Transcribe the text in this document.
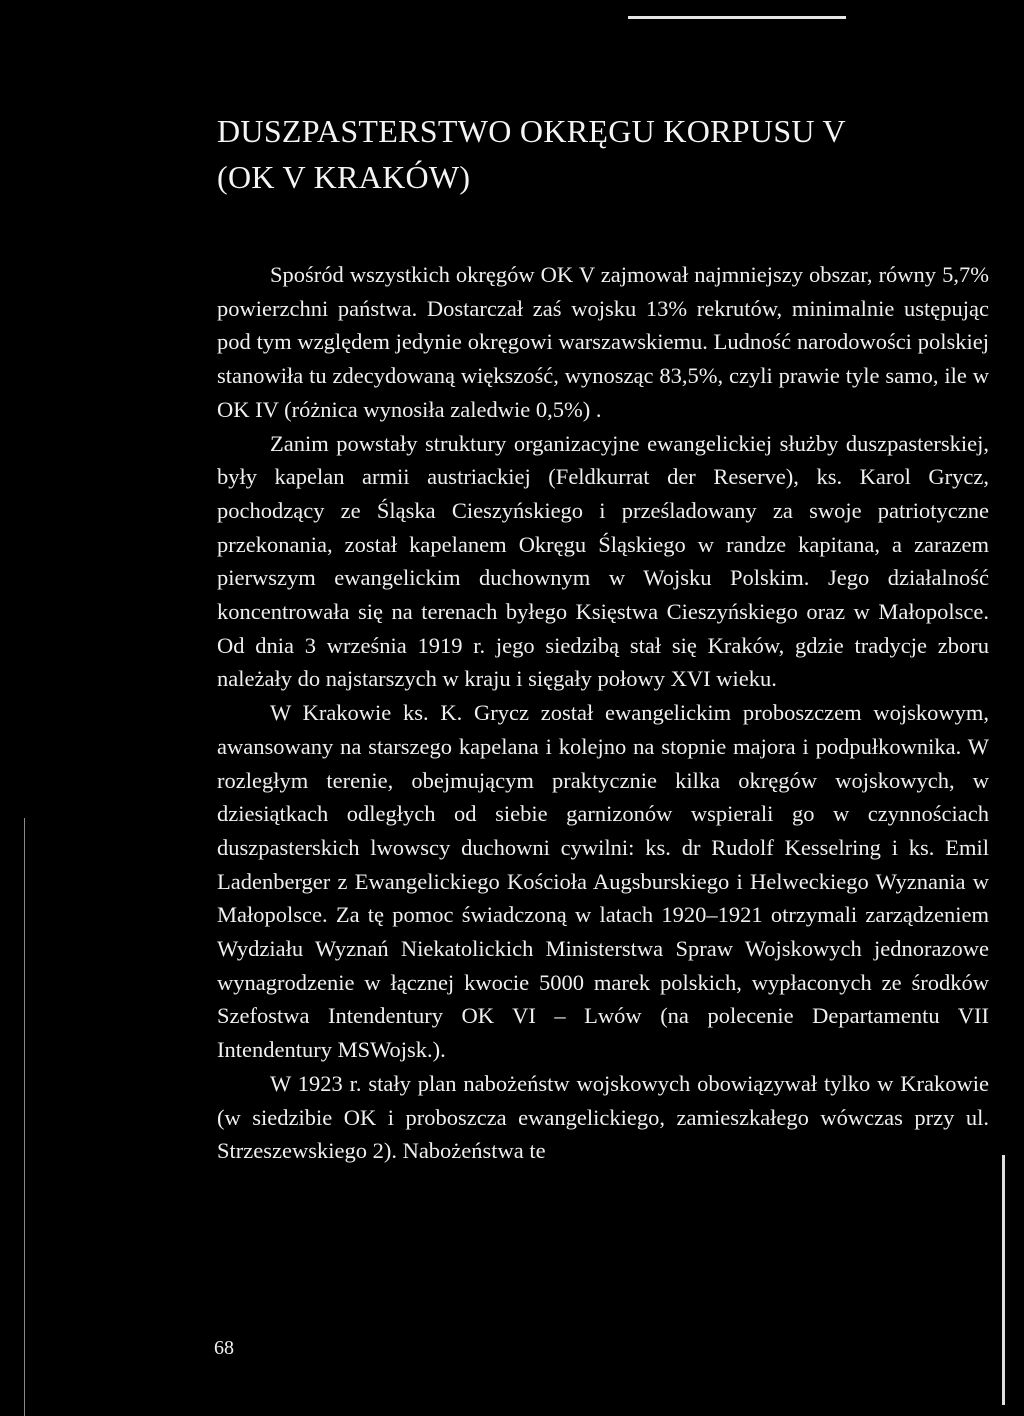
DUSZPASTERSTWO OKRĘGU KORPUSU V
(OK V KRAKÓW)

Spośród wszystkich okręgów OK V zajmował najmniejszy obszar, równy 5,7% powierzchni państwa. Dostarczał zaś wojsku 13% rekrutów, minimalnie ustępując pod tym względem jedynie okręgowi warszawskiemu. Ludność narodowości polskiej stanowiła tu zdecydowaną większość, wynosząc 83,5%, czyli prawie tyle samo, ile w OK IV (różnica wynosiła zaledwie 0,5%) .

Zanim powstały struktury organizacyjne ewangelickiej służby duszpasterskiej, były kapelan armii austriackiej (Feldkurrat der Reserve), ks. Karol Grycz, pochodzący ze Śląska Cieszyńskiego i prześladowany za swoje patriotyczne przekonania, został kapelanem Okręgu Śląskiego w randze kapitana, a zarazem pierwszym ewangelickim duchownym w Wojsku Polskim. Jego działalność koncentrowała się na terenach byłego Księstwa Cieszyńskiego oraz w Małopolsce. Od dnia 3 września 1919 r. jego siedzibą stał się Kraków, gdzie tradycje zboru należały do najstarszych w kraju i sięgały połowy XVI wieku.

W Krakowie ks. K. Grycz został ewangelickim proboszczem wojskowym, awansowany na starszego kapelana i kolejno na stopnie majora i podpułkownika. W rozległym terenie, obejmującym praktycznie kilka okręgów wojskowych, w dziesiątkach odległych od siebie garnizonów wspierali go w czynnościach duszpasterskich lwowscy duchowni cywilni: ks. dr Rudolf Kesselring i ks. Emil Ladenberger z Ewangelickiego Kościoła Augsburskiego i Helweckiego Wyznania w Małopolsce. Za tę pomoc świadczoną w latach 1920–1921 otrzymali zarządzeniem Wydziału Wyznań Niekatolickich Ministerstwa Spraw Wojskowych jednorazowe wynagrodzenie w łącznej kwocie 5000 marek polskich, wypłaconych ze środków Szefostwa Intendentury OK VI – Lwów (na polecenie Departamentu VII Intendentury MSWojsk.).

W 1923 r. stały plan nabożeństw wojskowych obowiązywał tylko w Krakowie (w siedzibie OK i proboszcza ewangelickiego, zamieszkałego wówczas przy ul. Strzeszewskiego 2). Nabożeństwa te

68
